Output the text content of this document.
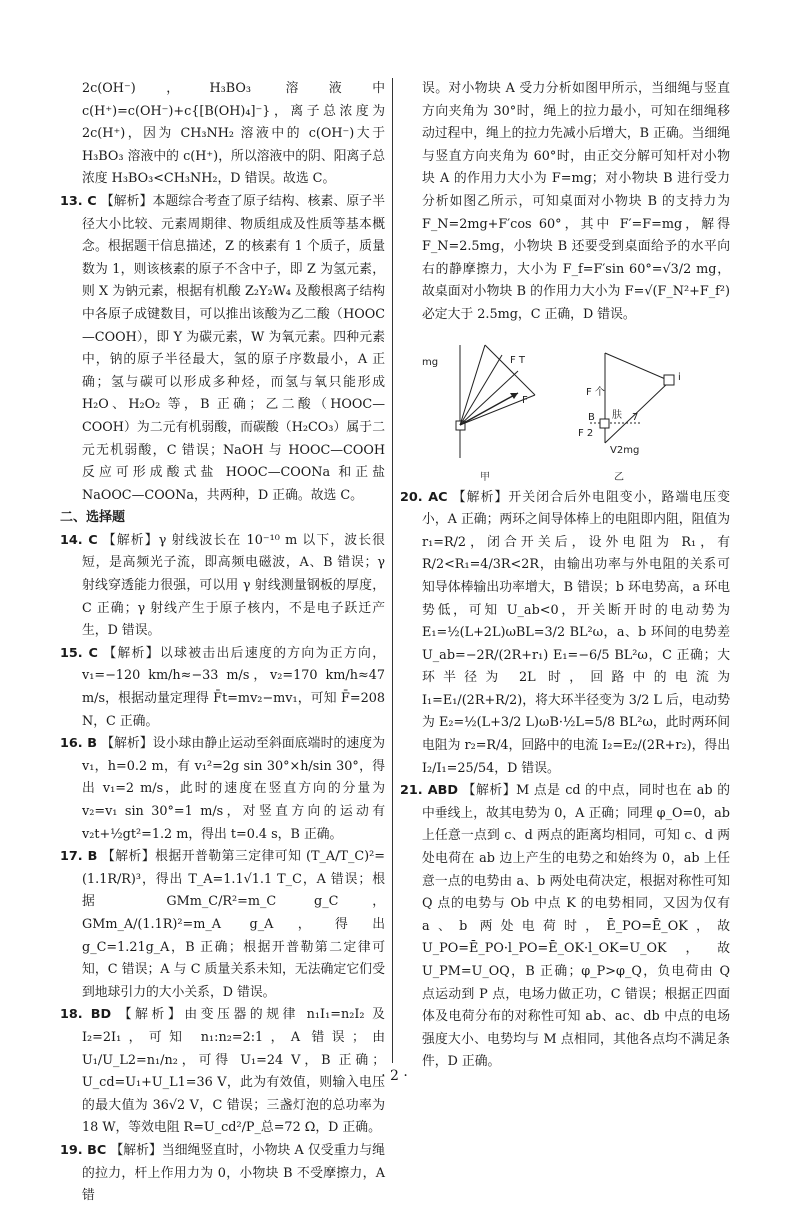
2c(OH⁻)，H₃BO₃ 溶液中 c(H⁺)=c(OH⁻)+c{[B(OH)₄]⁻}，离子总浓度为 2c(H⁺)，因为 CH₃NH₂ 溶液中的 c(OH⁻)大于 H₃BO₃ 溶液中的 c(H⁺)，所以溶液中的阴、阳离子总浓度 H₃BO₃<CH₃NH₂，D 错误。故选 C。

13. C 【解析】本题综合考查了原子结构、核素、原子半径大小比较、元素周期律、物质组成及性质等基本概念。根据题干信息描述，Z 的核素有 1 个质子，质量数为 1，则该核素的原子不含中子，即 Z 为氢元素，则 X 为钠元素，根据有机酸 Z₂Y₂W₄ 及酸根离子结构中各原子成键数目，可以推出该酸为乙二酸（HOOC—COOH），即 Y 为碳元素，W 为氧元素。四种元素中，钠的原子半径最大，氢的原子序数最小，A 正确；氢与碳可以形成多种烃，而氢与氧只能形成 H₂O、H₂O₂ 等，B 正确；乙二酸（HOOC—COOH）为二元有机弱酸，而碳酸（H₂CO₃）属于二元无机弱酸，C 错误；NaOH 与 HOOC—COOH 反应可形成酸式盐 HOOC—COONa 和正盐 NaOOC—COONa，共两种，D 正确。故选 C。

二、选择题

14. C 【解析】γ 射线波长在 10⁻¹⁰ m 以下，波长很短，是高频光子流，即高频电磁波，A、B 错误；γ 射线穿透能力很强，可以用 γ 射线测量钢板的厚度，C 正确；γ 射线产生于原子核内，不是电子跃迁产生，D 错误。

15. C 【解析】以球被击出后速度的方向为正方向，v₁=−120 km/h≈−33 m/s，v₂=170 km/h≈47 m/s，根据动量定理得 F̄t=mv₂−mv₁，可知 F̄=208 N，C 正确。

16. B 【解析】设小球由静止运动至斜面底端时的速度为 v₁，h=0.2 m，有 v₁²=2g sin 30°×h/sin 30°，得出 v₁=2 m/s，此时的速度在竖直方向的分量为 v₂=v₁ sin 30°=1 m/s，对竖直方向的运动有 v₂t+½gt²=1.2 m，得出 t=0.4 s，B 正确。

17. B 【解析】根据开普勒第三定律可知 (T_A/T_C)²=(1.1R/R)³，得出 T_A=1.1√1.1 T_C，A 错误；根据 GMm_C/R²=m_C g_C，GMm_A/(1.1R)²=m_A g_A，得出 g_C=1.21g_A，B 正确；根据开普勒第二定律可知，C 错误；A 与 C 质量关系未知，无法确定它们受到地球引力的大小关系，D 错误。

18. BD 【解析】由变压器的规律 n₁I₁=n₂I₂ 及 I₂=2I₁，可知 n₁:n₂=2:1，A 错误；由 U₁/U_L2=n₁/n₂，可得 U₁=24 V，B 正确；U_cd=U₁+U_L1=36 V，此为有效值，则输入电压的最大值为 36√2 V，C 错误；三盏灯泡的总功率为 18 W，等效电阻 R=U_cd²/P_总=72 Ω，D 正确。

19. BC 【解析】当细绳竖直时，小物块 A 仅受重力与绳的拉力，杆上作用力为 0，小物块 B 不受摩擦力，A 错

误。对小物块 A 受力分析如图甲所示，当细绳与竖直方向夹角为 30°时，绳上的拉力最小，可知在细绳移动过程中，绳上的拉力先减小后增大，B 正确。当细绳与竖直方向夹角为 60°时，由正交分解可知杆对小物块 A 的作用力大小为 F=mg；对小物块 B 进行受力分析如图乙所示，可知桌面对小物块 B 的支持力为 F_N=2mg+F′cos 60°，其中 F′=F=mg，解得 F_N=2.5mg，小物块 B 还要受到桌面给予的水平向右的静摩擦力，大小为 F_f=F′sin 60°=√3/2 mg，故桌面对小物块 B 的作用力大小为 F=√(F_N²+F_f²) 必定大于 2.5mg，C 正确，D 错误。

mg	F T
F
甲
F 个
B 肤 7
F 2
V2mg
i
乙

20. AC 【解析】开关闭合后外电阻变小，路端电压变小，A 正确；两环之间导体棒上的电阻即内阻，阻值为 r₁=R/2，闭合开关后，设外电阻为 R₁，有 R/2<R₁=4/3R<2R，由输出功率与外电阻的关系可知导体棒输出功率增大，B 错误；b 环电势高，a 环电势低，可知 U_ab<0，开关断开时的电动势为 E₁=½(L+2L)ωBL=3/2 BL²ω，a、b 环间的电势差 U_ab=−2R/(2R+r₁) E₁=−6/5 BL²ω，C 正确；大环半径为 2L 时，回路中的电流为 I₁=E₁/(2R+R/2)，将大环半径变为 3/2 L 后，电动势为 E₂=½(L+3/2 L)ωB·½L=5/8 BL²ω，此时两环间电阻为 r₂=R/4，回路中的电流 I₂=E₂/(2R+r₂)，得出 I₂/I₁=25/54，D 错误。

21. ABD 【解析】M 点是 cd 的中点，同时也在 ab 的中垂线上，故其电势为 0，A 正确；同理 φ_O=0，ab 上任意一点到 c、d 两点的距离均相同，可知 c、d 两处电荷在 ab 边上产生的电势之和始终为 0，ab 上任意一点的电势由 a、b 两处电荷决定，根据对称性可知 Q 点的电势与 Ob 中点 K 的电势相同，又因为仅有 a、b 两处电荷时，Ē_PO=Ē_OK，故 U_PO=Ē_PO·l_PO=Ē_OK·l_OK=U_OK，故 U_PM=U_OQ，B 正确；φ_P>φ_Q，负电荷由 Q 点运动到 P 点，电场力做正功，C 错误；根据正四面体及电荷分布的对称性可知 ab、ac、db 中点的电场强度大小、电势均与 M 点相同，其他各点均不满足条件，D 正确。

· 2 ·
